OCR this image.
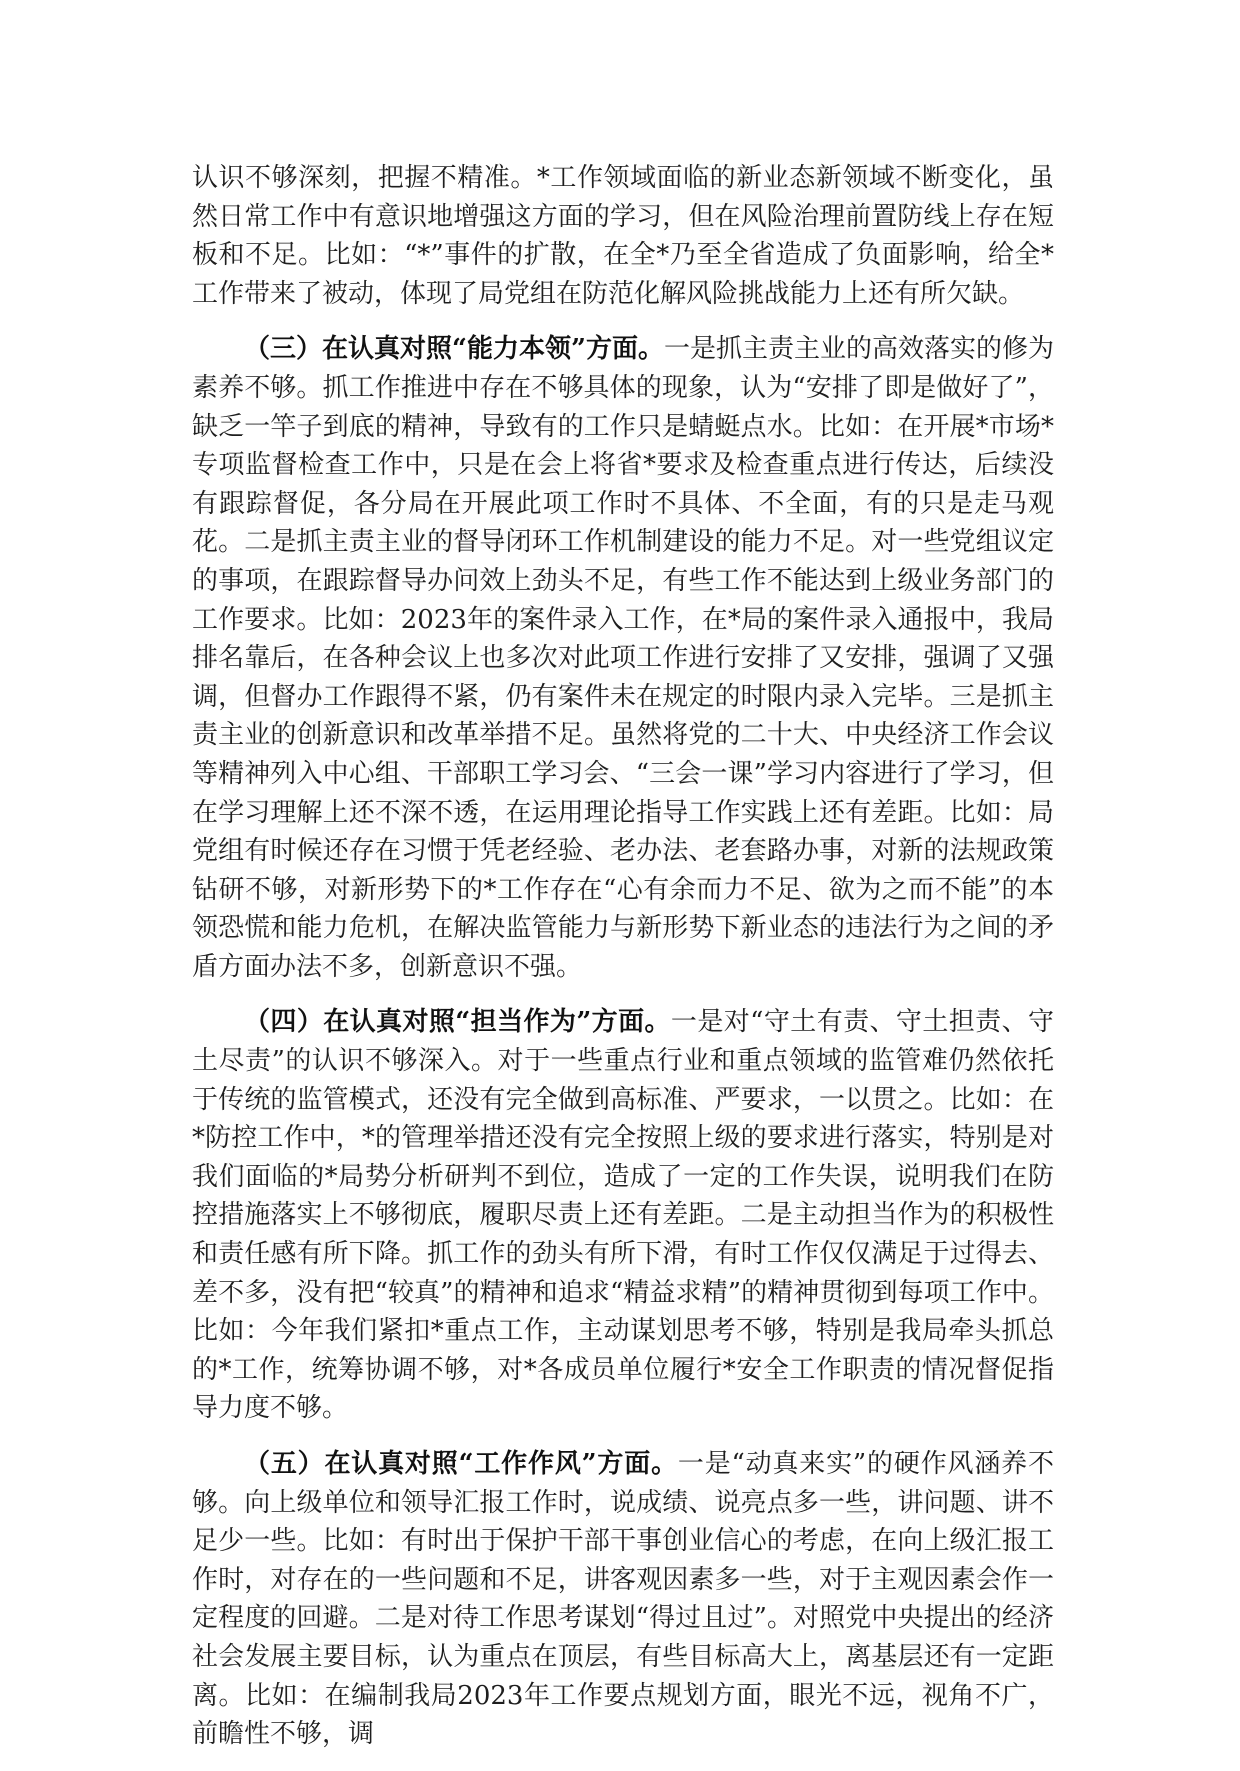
认识不够深刻，把握不精准。*工作领域面临的新业态新领域不断变化，虽然日常工作中有意识地增强这方面的学习，但在风险治理前置防线上存在短板和不足。比如：“*”事件的扩散，在全*乃至全省造成了负面影响，给全*工作带来了被动，体现了局党组在防范化解风险挑战能力上还有所欠缺。

（三）在认真对照“能力本领”方面。一是抓主责主业的高效落实的修为素养不够。抓工作推进中存在不够具体的现象，认为“安排了即是做好了”，缺乏一竿子到底的精神，导致有的工作只是蜻蜓点水。比如：在开展*市场*专项监督检查工作中，只是在会上将省*要求及检查重点进行传达，后续没有跟踪督促，各分局在开展此项工作时不具体、不全面，有的只是走马观花。二是抓主责主业的督导闭环工作机制建设的能力不足。对一些党组议定的事项，在跟踪督导办问效上劲头不足，有些工作不能达到上级业务部门的工作要求。比如：2023年的案件录入工作，在*局的案件录入通报中，我局排名靠后，在各种会议上也多次对此项工作进行安排了又安排，强调了又强调，但督办工作跟得不紧，仍有案件未在规定的时限内录入完毕。三是抓主责主业的创新意识和改革举措不足。虽然将党的二十大、中央经济工作会议等精神列入中心组、干部职工学习会、“三会一课”学习内容进行了学习，但在学习理解上还不深不透，在运用理论指导工作实践上还有差距。比如：局党组有时候还存在习惯于凭老经验、老办法、老套路办事，对新的法规政策钻研不够，对新形势下的*工作存在“心有余而力不足、欲为之而不能”的本领恐慌和能力危机，在解决监管能力与新形势下新业态的违法行为之间的矛盾方面办法不多，创新意识不强。

（四）在认真对照“担当作为”方面。一是对“守土有责、守土担责、守土尽责”的认识不够深入。对于一些重点行业和重点领域的监管难仍然依托于传统的监管模式，还没有完全做到高标准、严要求，一以贯之。比如：在*防控工作中，*的管理举措还没有完全按照上级的要求进行落实，特别是对我们面临的*局势分析研判不到位，造成了一定的工作失误，说明我们在防控措施落实上不够彻底，履职尽责上还有差距。二是主动担当作为的积极性和责任感有所下降。抓工作的劲头有所下滑，有时工作仅仅满足于过得去、差不多，没有把“较真”的精神和追求“精益求精”的精神贯彻到每项工作中。比如：今年我们紧扣*重点工作，主动谋划思考不够，特别是我局牵头抓总的*工作，统筹协调不够，对*各成员单位履行*安全工作职责的情况督促指导力度不够。

（五）在认真对照“工作作风”方面。一是“动真来实”的硬作风涵养不够。向上级单位和领导汇报工作时，说成绩、说亮点多一些，讲问题、讲不足少一些。比如：有时出于保护干部干事创业信心的考虑，在向上级汇报工作时，对存在的一些问题和不足，讲客观因素多一些，对于主观因素会作一定程度的回避。二是对待工作思考谋划“得过且过”。对照党中央提出的经济社会发展主要目标，认为重点在顶层，有些目标高大上，离基层还有一定距离。比如：在编制我局2023年工作要点规划方面，眼光不远，视角不广，前瞻性不够，调
